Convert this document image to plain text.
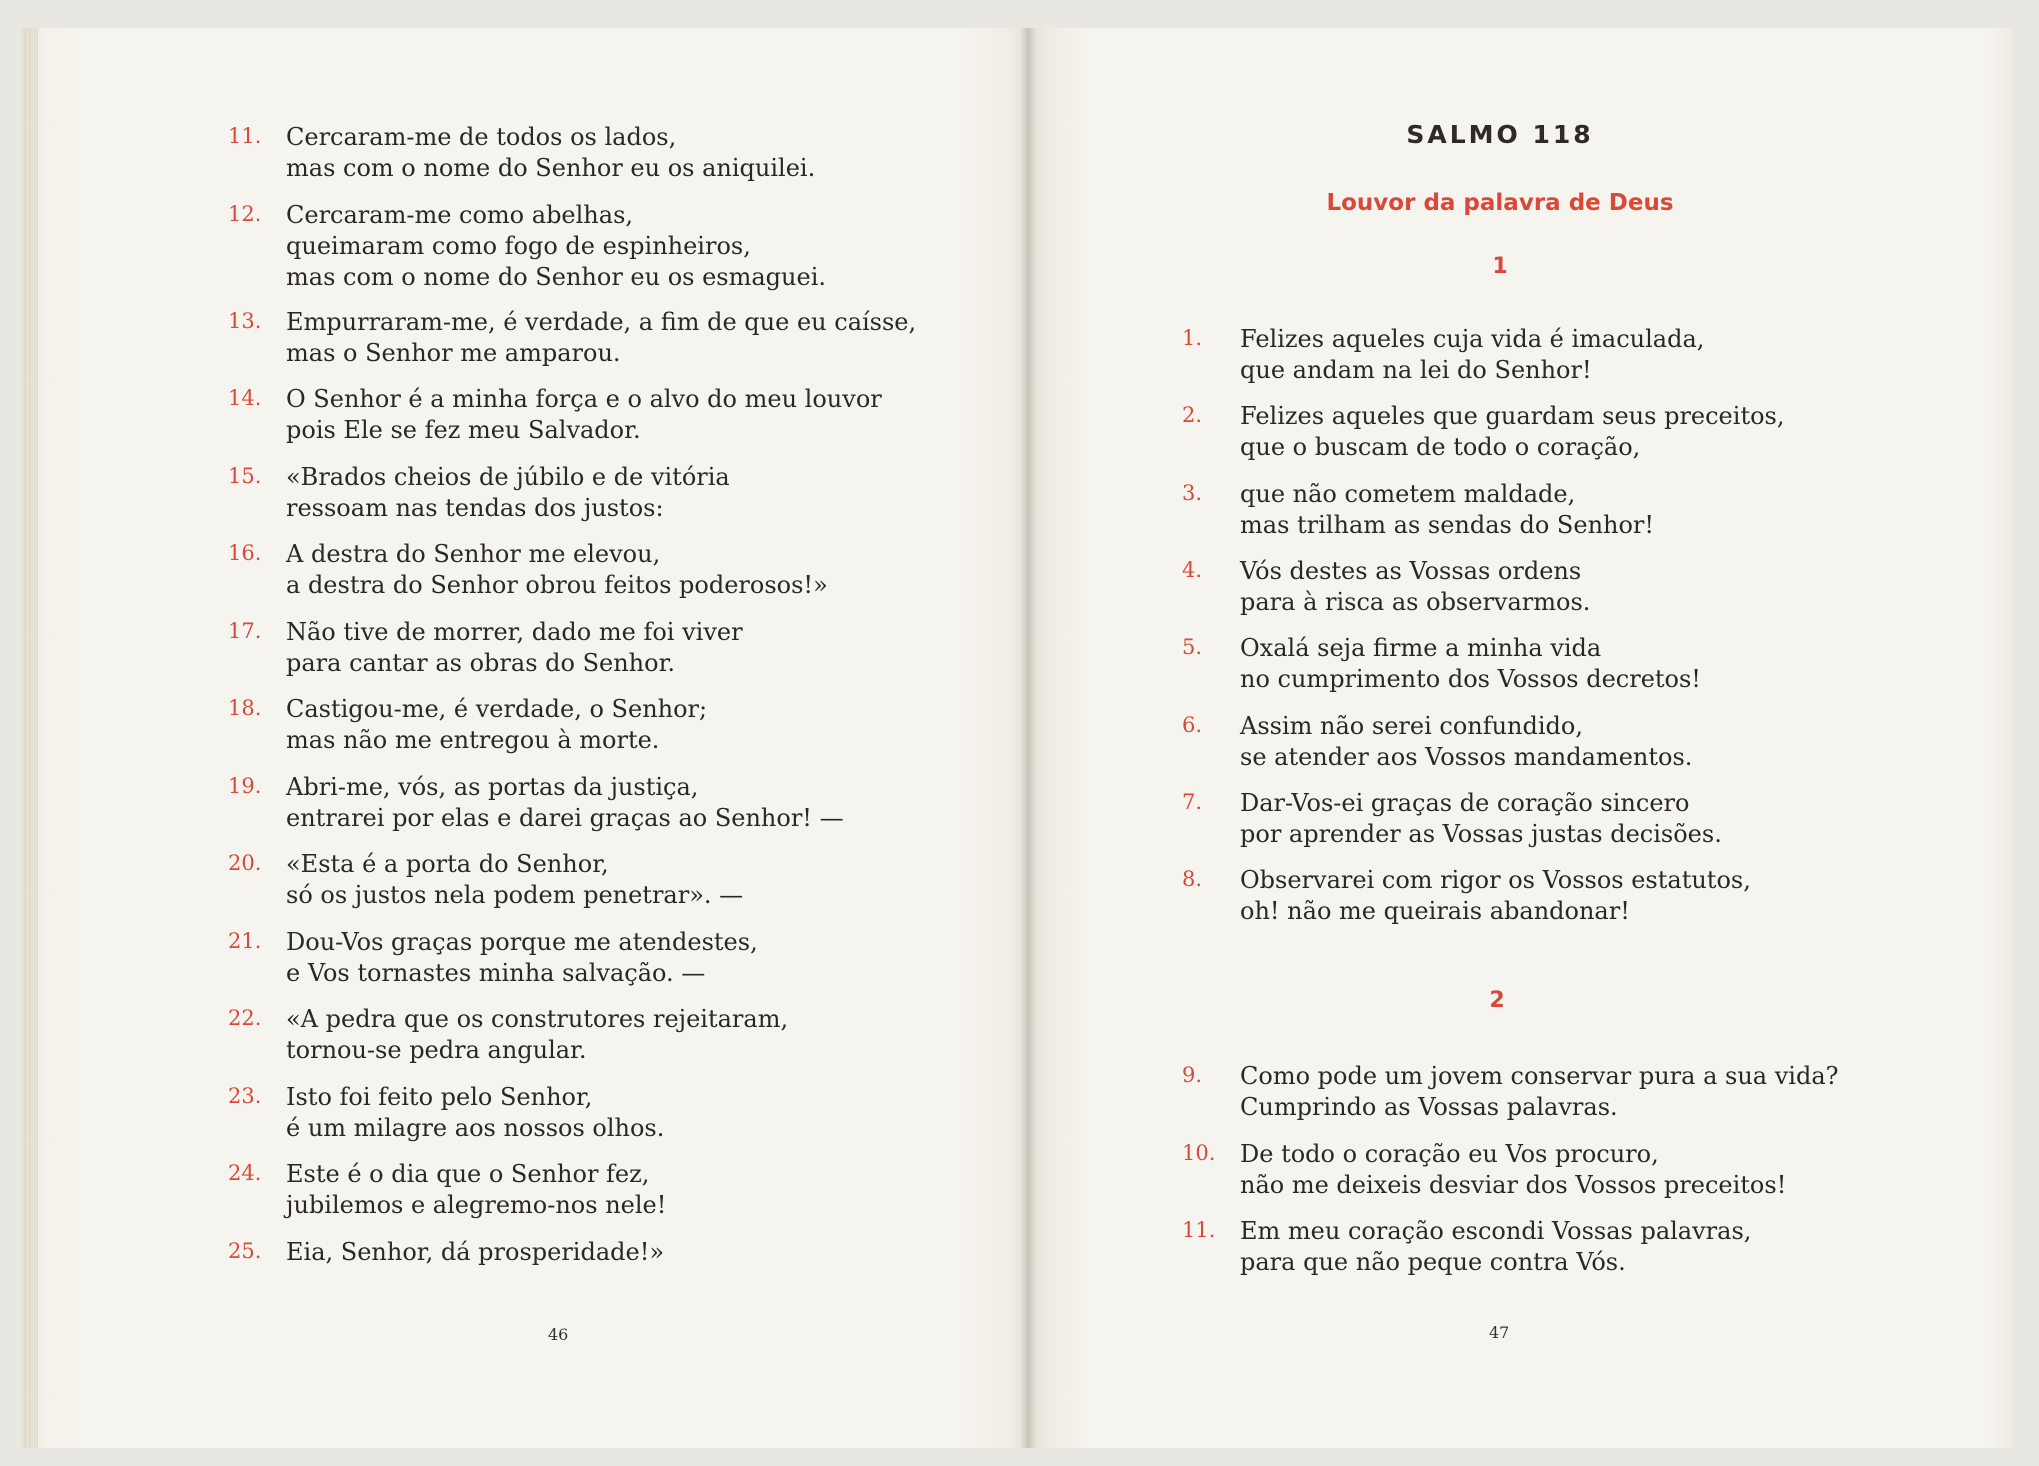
11. Cercaram-me de todos os lados,
mas com o nome do Senhor eu os aniquilei.
12. Cercaram-me como abelhas,
queimaram como fogo de espinheiros,
mas com o nome do Senhor eu os esmaguei.
13. Empurraram-me, é verdade, a fim de que eu caísse,
mas o Senhor me amparou.
14. O Senhor é a minha força e o alvo do meu louvor
pois Ele se fez meu Salvador.
15. «Brados cheios de júbilo e de vitória
ressoam nas tendas dos justos:
16. A destra do Senhor me elevou,
a destra do Senhor obrou feitos poderosos!»
17. Não tive de morrer, dado me foi viver
para cantar as obras do Senhor.
18. Castigou-me, é verdade, o Senhor;
mas não me entregou à morte.
19. Abri-me, vós, as portas da justiça,
entrarei por elas e darei graças ao Senhor! —
20. «Esta é a porta do Senhor,
só os justos nela podem penetrar». —
21. Dou-Vos graças porque me atendestes,
e Vos tornastes minha salvação. —
22. «A pedra que os construtores rejeitaram,
tornou-se pedra angular.
23. Isto foi feito pelo Senhor,
é um milagre aos nossos olhos.
24. Este é o dia que o Senhor fez,
jubilemos e alegremo-nos nele!
25. Eia, Senhor, dá prosperidade!»
46
SALMO 118
Louvor da palavra de Deus
1
1. Felizes aqueles cuja vida é imaculada,
que andam na lei do Senhor!
2. Felizes aqueles que guardam seus preceitos,
que o buscam de todo o coração,
3. que não cometem maldade,
mas trilham as sendas do Senhor!
4. Vós destes as Vossas ordens
para à risca as observarmos.
5. Oxalá seja firme a minha vida
no cumprimento dos Vossos decretos!
6. Assim não serei confundido,
se atender aos Vossos mandamentos.
7. Dar-Vos-ei graças de coração sincero
por aprender as Vossas justas decisões.
8. Observarei com rigor os Vossos estatutos,
oh! não me queirais abandonar!
2
9. Como pode um jovem conservar pura a sua vida?
Cumprindo as Vossas palavras.
10. De todo o coração eu Vos procuro,
não me deixeis desviar dos Vossos preceitos!
11. Em meu coração escondi Vossas palavras,
para que não peque contra Vós.
47
